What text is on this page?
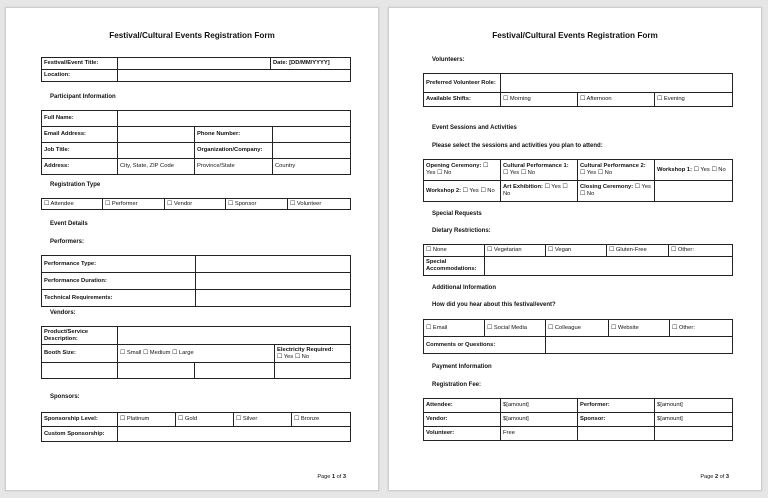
Festival/Cultural Events Registration Form
Festival/Event Title:		Date: [DD/MM/YYYY]
Location:		
Participant Information
Full Name:			
Email Address:		Phone Number:	
Job Title:		Organization/Company:	
Address:	City, State, ZIP Code	Province/State	Country
Registration Type
☐ Attendee	☐ Performer	☐ Vendor	☐ Sponsor	☐ Volunteer
Event Details
Performers:
Performance Type:	
Performance Duration:	
Technical Requirements:	
Vendors:
Product/Service Description:			
Booth Size:	☐ Small ☐ Medium ☐ Large		Electricity Required:
☐ Yes ☐ No

Sponsors:
Sponsorship Level:	☐ Platinum	☐ Gold	☐ Silver	☐ Bronze
Custom Sponsorship:				
Page 1 of 3
Festival/Cultural Events Registration Form
Volunteers:
Preferred Volunteer Role:			
Available Shifts:	☐ Morning	☐ Afternoon	☐ Evening
Event Sessions and Activities
Please select the sessions and activities you plan to attend:
Opening Ceremony: ☐ Yes ☐ No	Cultural Performance 1: ☐ Yes ☐ No	Cultural Performance 2: ☐ Yes ☐ No	Workshop 1: ☐ Yes ☐ No
Workshop 2: ☐ Yes ☐ No	Art Exhibition: ☐ Yes ☐ No	Closing Ceremony: ☐ Yes ☐ No	
Special Requests
Dietary Restrictions:
☐ None	☐ Vegetarian	☐ Vegan	☐ Gluten-Free	☐ Other:
Special Accommodations:				
Additional Information
How did you hear about this festival/event?
☐ Email	☐ Social Media	☐ Colleague	☐ Website	☐ Other:
Comments or Questions:				
Payment Information
Registration Fee:
Attendee:	$[amount]	Performer:	$[amount]
Vendor:	$[amount]	Sponsor:	$[amount]
Volunteer:	Free		
Page 2 of 3
